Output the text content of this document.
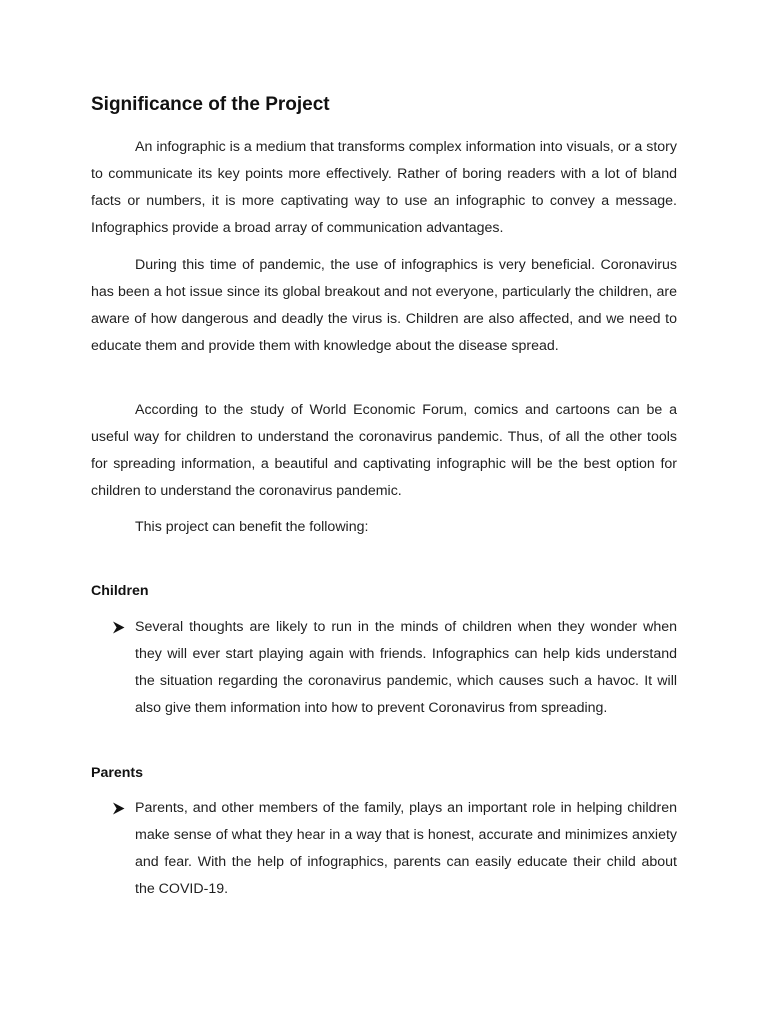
Significance of the Project

An infographic is a medium that transforms complex information into visuals, or a story to communicate its key points more effectively. Rather of boring readers with a lot of bland facts or numbers, it is more captivating way to use an infographic to convey a message. Infographics provide a broad array of communication advantages.

During this time of pandemic, the use of infographics is very beneficial. Coronavirus has been a hot issue since its global breakout and not everyone, particularly the children, are aware of how dangerous and deadly the virus is. Children are also affected, and we need to educate them and provide them with knowledge about the disease spread.

According to the study of World Economic Forum, comics and cartoons can be a useful way for children to understand the coronavirus pandemic. Thus, of all the other tools for spreading information, a beautiful and captivating infographic will be the best option for children to understand the coronavirus pandemic.

This project can benefit the following:

Children

Several thoughts are likely to run in the minds of children when they wonder when they will ever start playing again with friends. Infographics can help kids understand the situation regarding the coronavirus pandemic, which causes such a havoc. It will also give them information into how to prevent Coronavirus from spreading.

Parents

Parents, and other members of the family, plays an important role in helping children make sense of what they hear in a way that is honest, accurate and minimizes anxiety and fear. With the help of infographics, parents can easily educate their child about the COVID-19.
